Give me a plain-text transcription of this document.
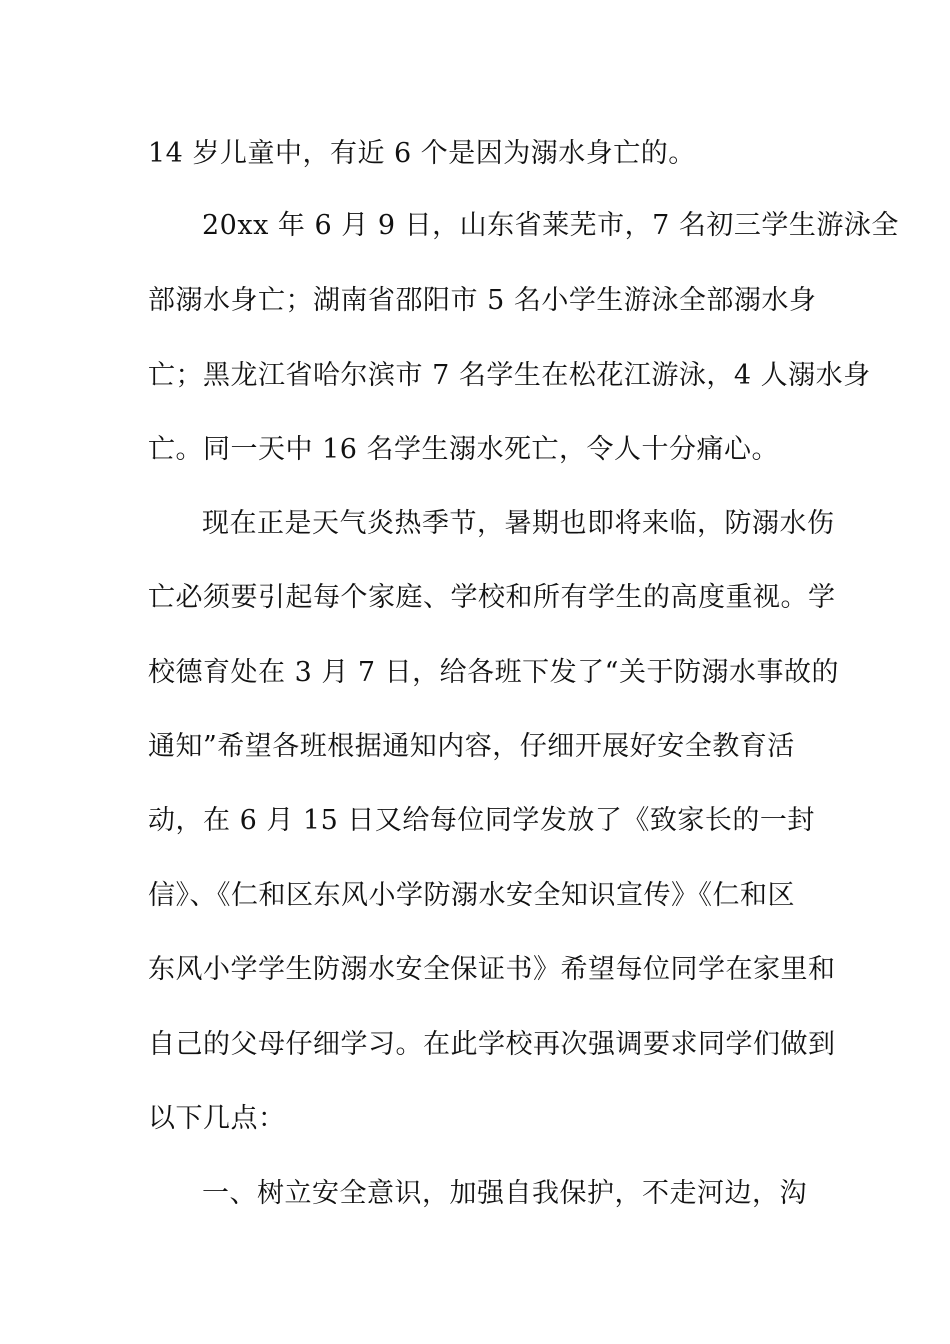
14 岁儿童中，有近 6 个是因为溺水身亡的。
20xx 年 6 月 9 日，山东省莱芜市，7 名初三学生游泳全
部溺水身亡；湖南省邵阳市 5 名小学生游泳全部溺水身
亡；黑龙江省哈尔滨市 7 名学生在松花江游泳，4 人溺水身
亡。同一天中 16 名学生溺水死亡，令人十分痛心。
现在正是天气炎热季节，暑期也即将来临，防溺水伤
亡必须要引起每个家庭、学校和所有学生的高度重视。学
校德育处在 3 月 7 日，给各班下发了“关于防溺水事故的
通知”希望各班根据通知内容，仔细开展好安全教育活
动，在 6 月 15 日又给每位同学发放了《致家长的一封
信》、《仁和区东风小学防溺水安全知识宣传》《仁和区
东风小学学生防溺水安全保证书》希望每位同学在家里和
自己的父母仔细学习。在此学校再次强调要求同学们做到
以下几点：
一、树立安全意识，加强自我保护，不走河边，沟
